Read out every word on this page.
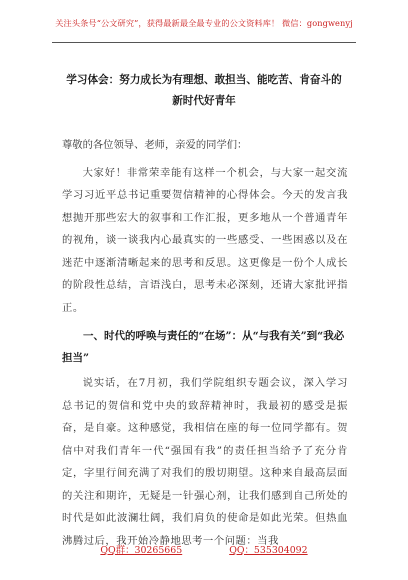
关注头条号“公文研究”，获得最新最全最专业的公文资料库！ 微信：gongwenyj
学习体会：努力成长为有理想、敢担当、能吃苦、肯奋斗的
新时代好青年

尊敬的各位领导、老师，亲爱的同学们：

大家好！非常荣幸能有这样一个机会，与大家一起交流学习习近平总书记重要贺信精神的心得体会。今天的发言我想抛开那些宏大的叙事和工作汇报，更多地从一个普通青年的视角，谈一谈我内心最真实的一些感受、一些困惑以及在迷茫中逐渐清晰起来的思考和反思。这更像是一份个人成长的阶段性总结，言语浅白，思考未必深刻，还请大家批评指正。

一、时代的呼唤与责任的“在场”：从“与我有关”到“我必担当”

说实话，在7月初，我们学院组织专题会议，深入学习总书记的贺信和党中央的致辞精神时，我最初的感受是振奋，是自豪。这种感觉，我相信在座的每一位同学都有。贺信中对我们青年一代“强国有我”的责任担当给予了充分肯定，字里行间充满了对我们的殷切期望。这种来自最高层面的关注和期许，无疑是一针强心剂，让我们感到自己所处的时代是如此波澜壮阔，我们肩负的使命是如此光荣。但热血沸腾过后，我开始冷静地思考一个问题：当我

QQ群：30265665	QQ：535304092
